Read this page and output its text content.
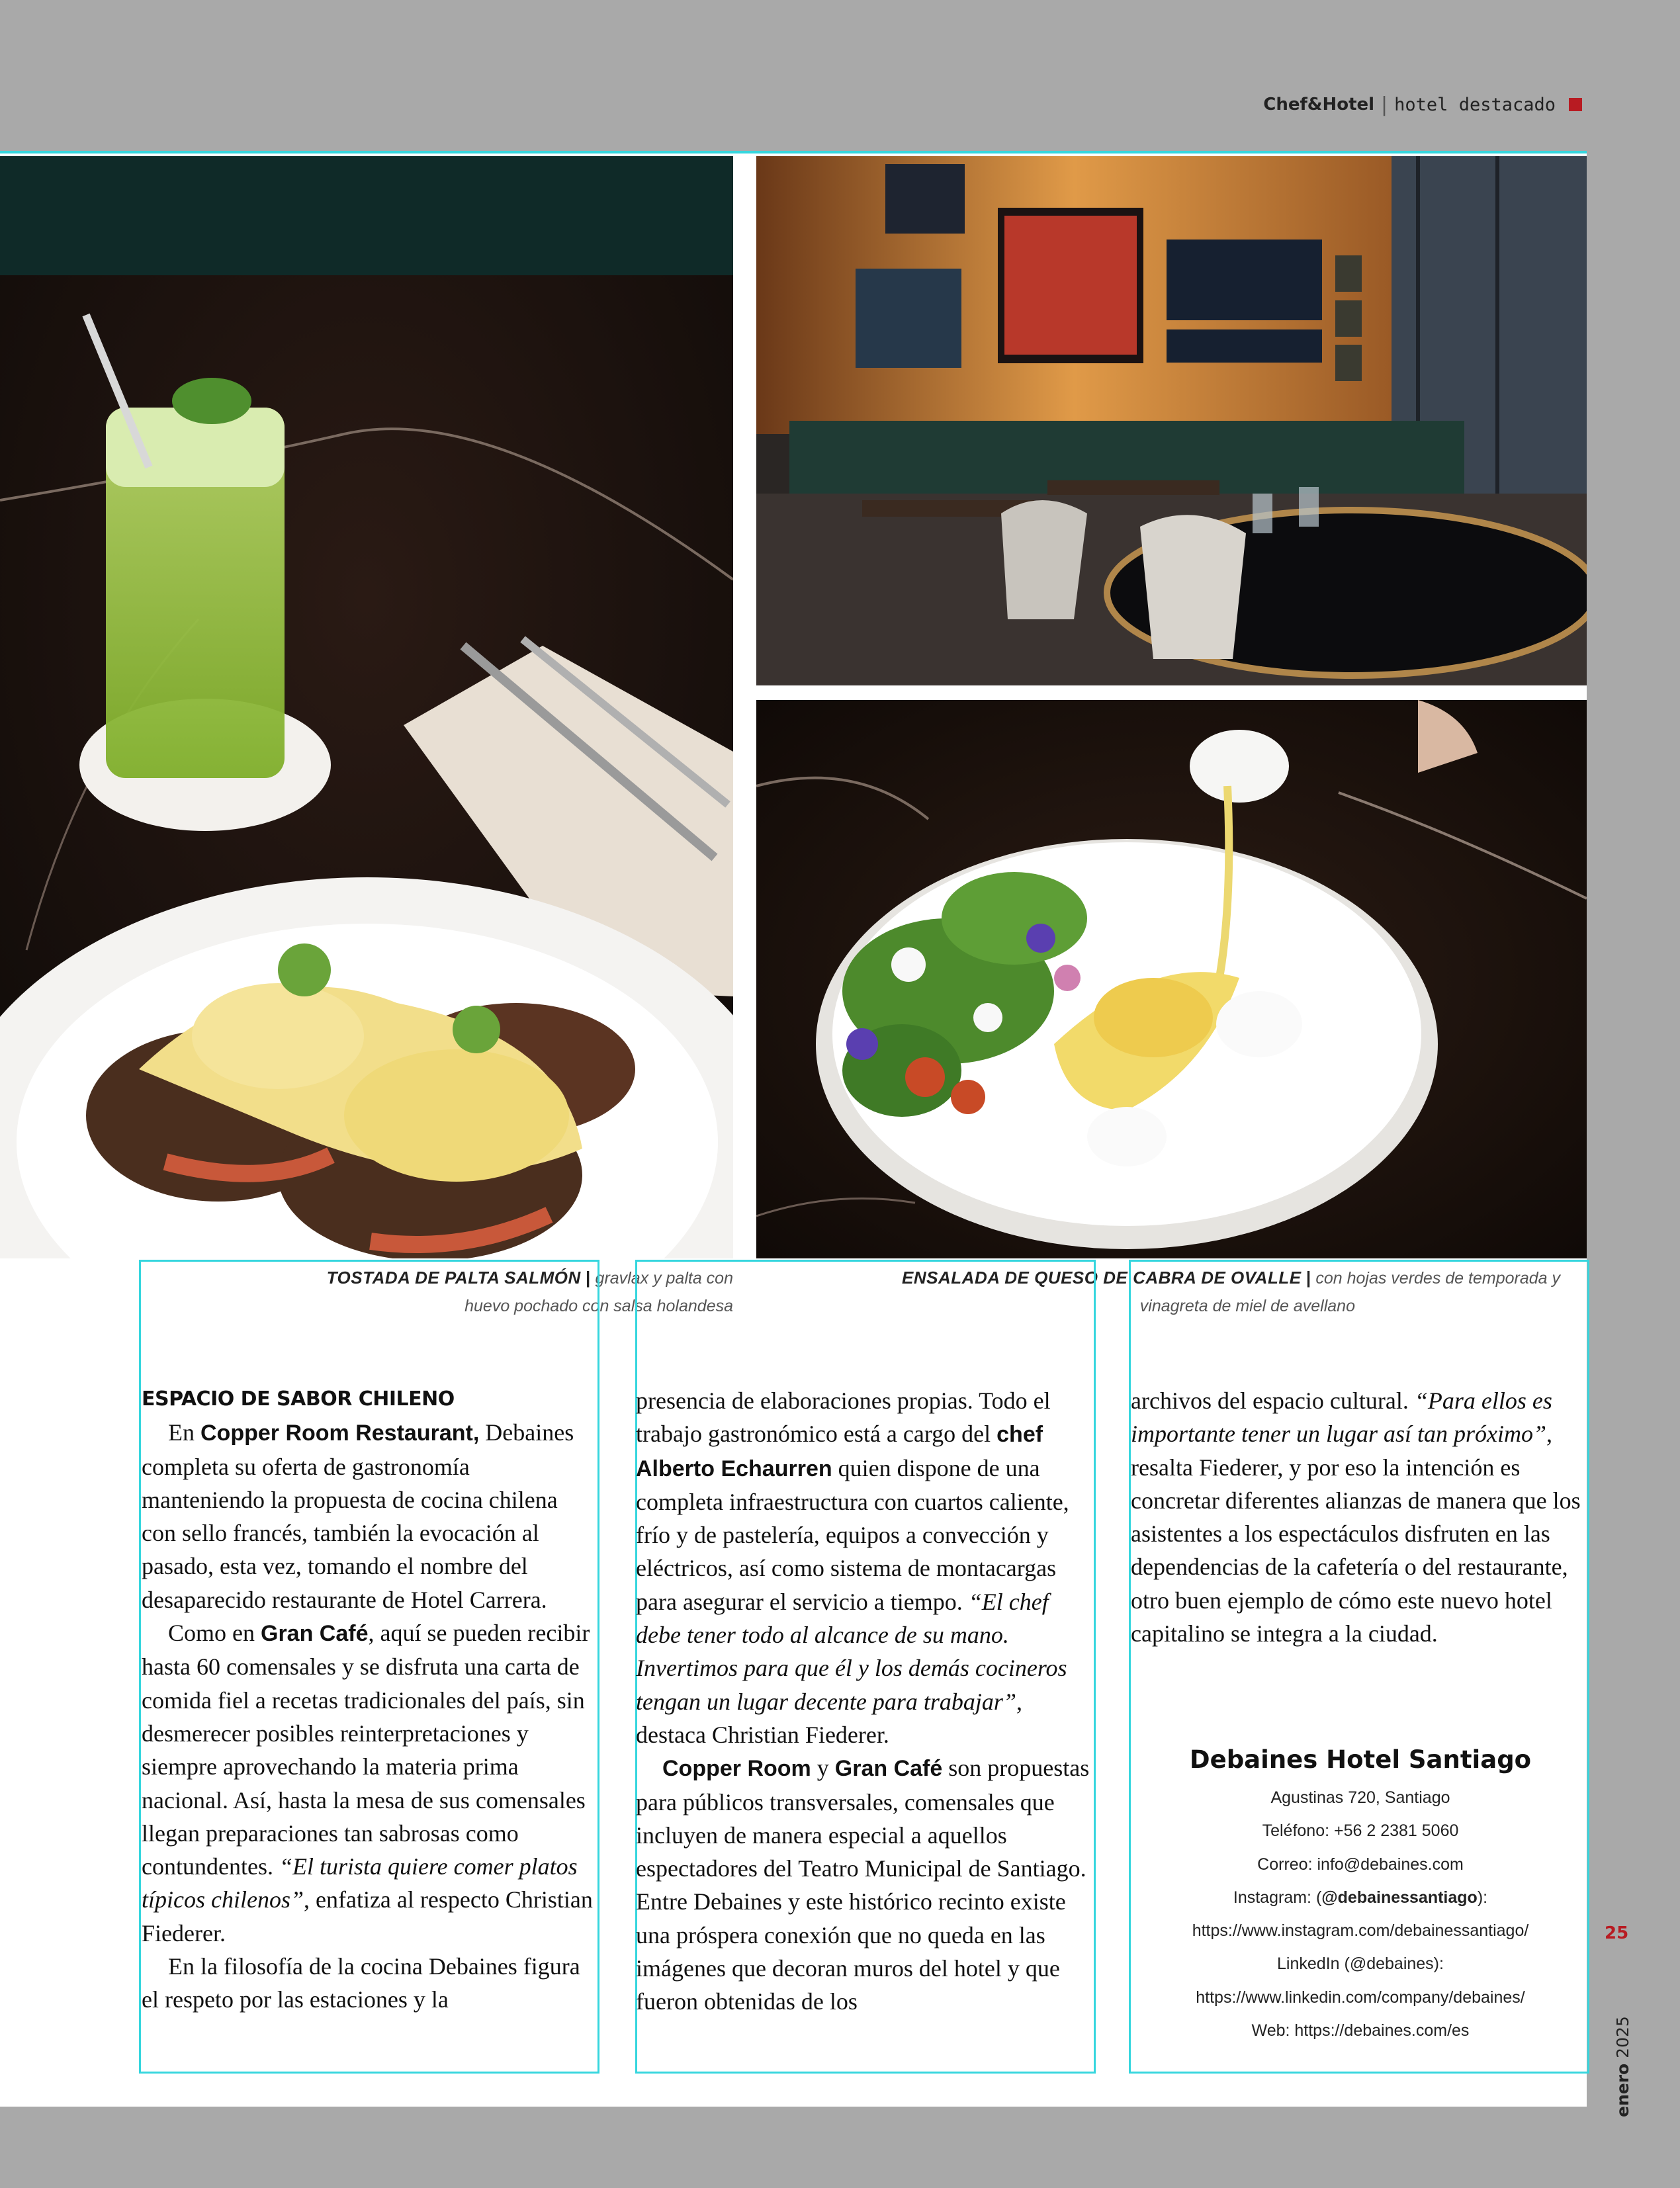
Chef&Hotel | hotel destacado
TOSTADA DE PALTA SALMÓN | gravlax y palta con
huevo pochado con salsa holandesa
ENSALADA DE QUESO DE CABRA DE OVALLE | con hojas verdes de temporada y
vinagreta de miel de avellano

ESPACIO DE SABOR CHILENO

En Copper Room Restaurant, Debaines completa su oferta de gastronomía manteniendo la propuesta de cocina chilena con sello francés, también la evocación al pasado, esta vez, tomando el nombre del desaparecido restaurante de Hotel Carrera.

Como en Gran Café, aquí se pueden recibir hasta 60 comensales y se disfruta una carta de comida fiel a recetas tradicionales del país, sin desmerecer posibles reinterpretaciones y siempre aprovechando la materia prima nacional. Así, hasta la mesa de sus comensales llegan preparaciones tan sabrosas como contundentes. “El turista quiere comer platos típicos chilenos”, enfatiza al respecto Christian Fiederer.

En la filosofía de la cocina Debaines figura el respeto por las estaciones y la

presencia de elaboraciones propias. Todo el trabajo gastronómico está a cargo del chef Alberto Echaurren quien dispone de una completa infraestructura con cuartos caliente, frío y de pastelería, equipos a convección y eléctricos, así como sistema de montacargas para asegurar el servicio a tiempo. “El chef debe tener todo al alcance de su mano. Invertimos para que él y los demás cocineros tengan un lugar decente para trabajar”, destaca Christian Fiederer.

Copper Room y Gran Café son propuestas para públicos transversales, comensales que incluyen de manera especial a aquellos espectadores del Teatro Municipal de Santiago. Entre Debaines y este histórico recinto existe una próspera conexión que no queda en las imágenes que decoran muros del hotel y que fueron obtenidas de los

archivos del espacio cultural. “Para ellos es importante tener un lugar así tan próximo”, resalta Fiederer, y por eso la intención es concretar diferentes alianzas de manera que los asistentes a los espectáculos disfruten en las dependencias de la cafetería o del restaurante, otro buen ejemplo de cómo este nuevo hotel capitalino se integra a la ciudad.

Debaines Hotel Santiago
Agustinas 720, Santiago
Teléfono: +56 2 2381 5060
Correo: info@debaines.com
Instagram: (@debainessantiago):
https://www.instagram.com/debainessantiago/
LinkedIn (@debaines):
https://www.linkedin.com/company/debaines/
Web: https://debaines.com/es
25
enero 2025
